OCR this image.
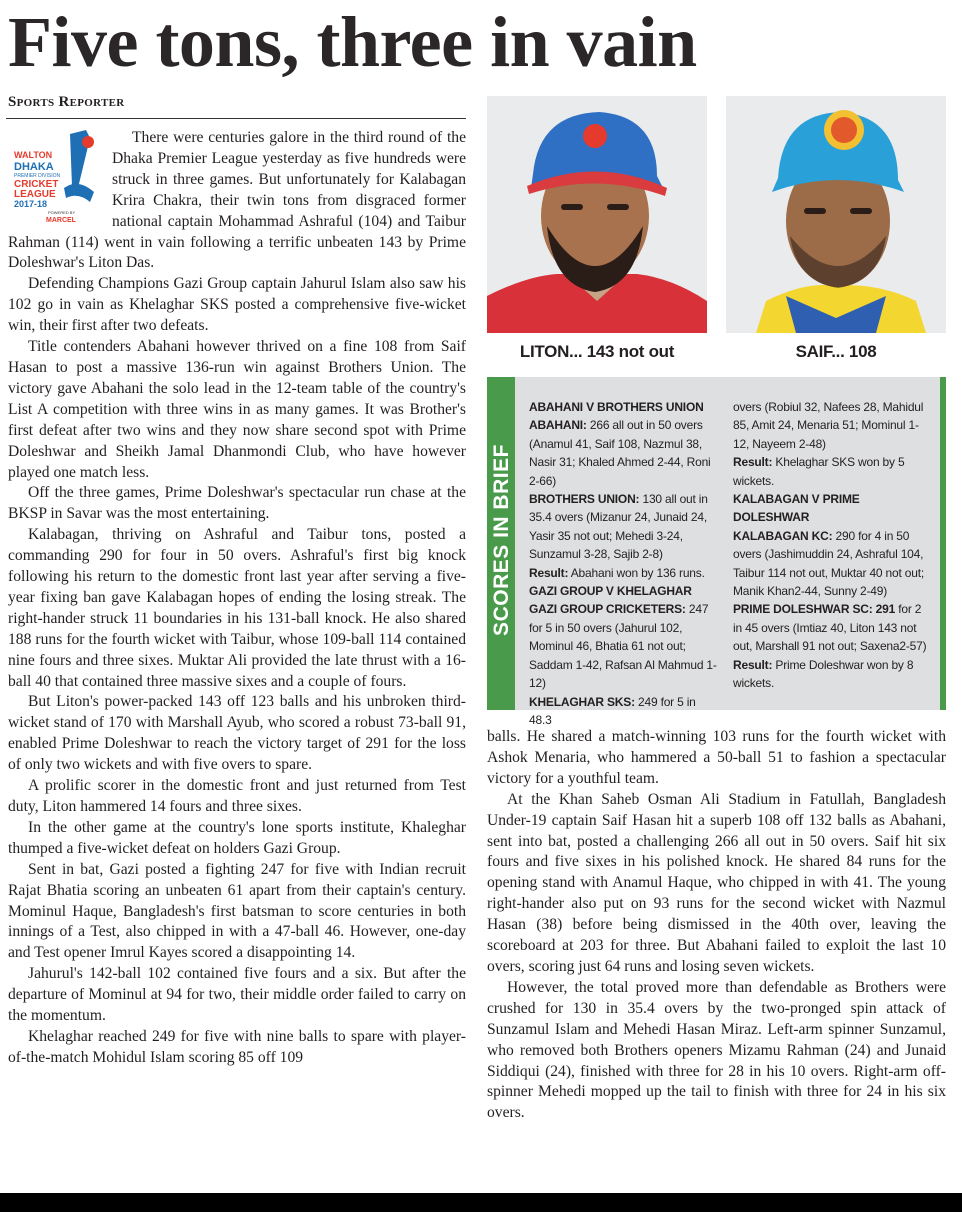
Five tons, three in vain
Sports Reporter
WALTON
DHAKA
PREMIER DIVISION
CRICKET
LEAGUE
2017-18
POWERED BY
MARCEL

There were centuries galore in the third round of the Dhaka Premier League yesterday as five hundreds were struck in three games. But unfortunately for Kalabagan Krira Chakra, their twin tons from disgraced former national captain Mohammad Ashraful (104) and Taibur Rahman (114) went in vain following a terrific unbeaten 143 by Prime Doleshwar's Liton Das.

Defending Champions Gazi Group captain Jahurul Islam also saw his 102 go in vain as Khelaghar SKS posted a comprehensive five-wicket win, their first after two defeats.

Title contenders Abahani however thrived on a fine 108 from Saif Hasan to post a massive 136-run win against Brothers Union. The victory gave Abahani the solo lead in the 12-team table of the country's List A competition with three wins in as many games. It was Brother's first defeat after two wins and they now share second spot with Prime Doleshwar and Sheikh Jamal Dhanmondi Club, who have however played one match less.

Off the three games, Prime Doleshwar's spectacular run chase at the BKSP in Savar was the most entertaining.

Kalabagan, thriving on Ashraful and Taibur tons, posted a commanding 290 for four in 50 overs. Ashraful's first big knock following his return to the domestic front last year after serving a five-year fixing ban gave Kalabagan hopes of ending the losing streak. The right-hander struck 11 boundaries in his 131-ball knock. He also shared 188 runs for the fourth wicket with Taibur, whose 109-ball 114 contained nine fours and three sixes. Muktar Ali provided the late thrust with a 16-ball 40 that contained three massive sixes and a couple of fours.

But Liton's power-packed 143 off 123 balls and his unbroken third-wicket stand of 170 with Marshall Ayub, who scored a robust 73-ball 91, enabled Prime Doleshwar to reach the victory target of 291 for the loss of only two wickets and with five overs to spare.

A prolific scorer in the domestic front and just returned from Test duty, Liton hammered 14 fours and three sixes.

In the other game at the country's lone sports institute, Khaleghar thumped a five-wicket defeat on holders Gazi Group.

Sent in bat, Gazi posted a fighting 247 for five with Indian recruit Rajat Bhatia scoring an unbeaten 61 apart from their captain's century. Mominul Haque, Bangladesh's first batsman to score centuries in both innings of a Test, also chipped in with a 47-ball 46. However, one-day and Test opener Imrul Kayes scored a disappointing 14.

Jahurul's 142-ball 102 contained five fours and a six. But after the departure of Mominul at 94 for two, their middle order failed to carry on the momentum.

Khelaghar reached 249 for five with nine balls to spare with player-of-the-match Mohidul Islam scoring 85 off 109

LITON... 143 not out	SAIF... 108
SCORES IN BRIEF

ABAHANI V BROTHERS UNION

ABAHANI: 266 all out in 50 overs (Anamul 41, Saif 108, Nazmul 38, Nasir 31; Khaled Ahmed 2-44, Roni 2-66)

BROTHERS UNION: 130 all out in 35.4 overs (Mizanur 24, Junaid 24, Yasir 35 not out; Mehedi 3-24, Sunzamul 3-28, Sajib 2-8)

Result: Abahani won by 136 runs.

GAZI GROUP V KHELAGHAR

GAZI GROUP CRICKETERS: 247 for 5 in 50 overs (Jahurul 102, Mominul 46, Bhatia 61 not out; Saddam 1-42, Rafsan Al Mahmud 1-12)

KHELAGHAR SKS: 249 for 5 in 48.3

overs (Robiul 32, Nafees 28, Mahidul 85, Amit 24, Menaria 51; Mominul 1-12, Nayeem 2-48)

Result: Khelaghar SKS won by 5 wickets.

KALABAGAN V PRIME DOLESHWAR

KALABAGAN KC: 290 for 4 in 50 overs (Jashimuddin 24, Ashraful 104, Taibur 114 not out, Muktar 40 not out; Manik Khan2-44, Sunny 2-49)

PRIME DOLESHWAR SC: 291 for 2 in 45 overs (Imtiaz 40, Liton 143 not out, Marshall 91 not out; Saxena2-57)

Result: Prime Doleshwar won by 8 wickets.

balls. He shared a match-winning 103 runs for the fourth wicket with Ashok Menaria, who hammered a 50-ball 51 to fashion a spectacular victory for a youthful team.

At the Khan Saheb Osman Ali Stadium in Fatullah, Bangladesh Under-19 captain Saif Hasan hit a superb 108 off 132 balls as Abahani, sent into bat, posted a challenging 266 all out in 50 overs. Saif hit six fours and five sixes in his polished knock. He shared 84 runs for the opening stand with Anamul Haque, who chipped in with 41. The young right-hander also put on 93 runs for the second wicket with Nazmul Hasan (38) before being dismissed in the 40th over, leaving the scoreboard at 203 for three. But Abahani failed to exploit the last 10 overs, scoring just 64 runs and losing seven wickets.

However, the total proved more than defendable as Brothers were crushed for 130 in 35.4 overs by the two-pronged spin attack of Sunzamul Islam and Mehedi Hasan Miraz. Left-arm spinner Sunzamul, who removed both Brothers openers Mizamu Rahman (24) and Junaid Siddiqui (24), finished with three for 28 in his 10 overs. Right-arm off-spinner Mehedi mopped up the tail to finish with three for 24 in his six overs.
